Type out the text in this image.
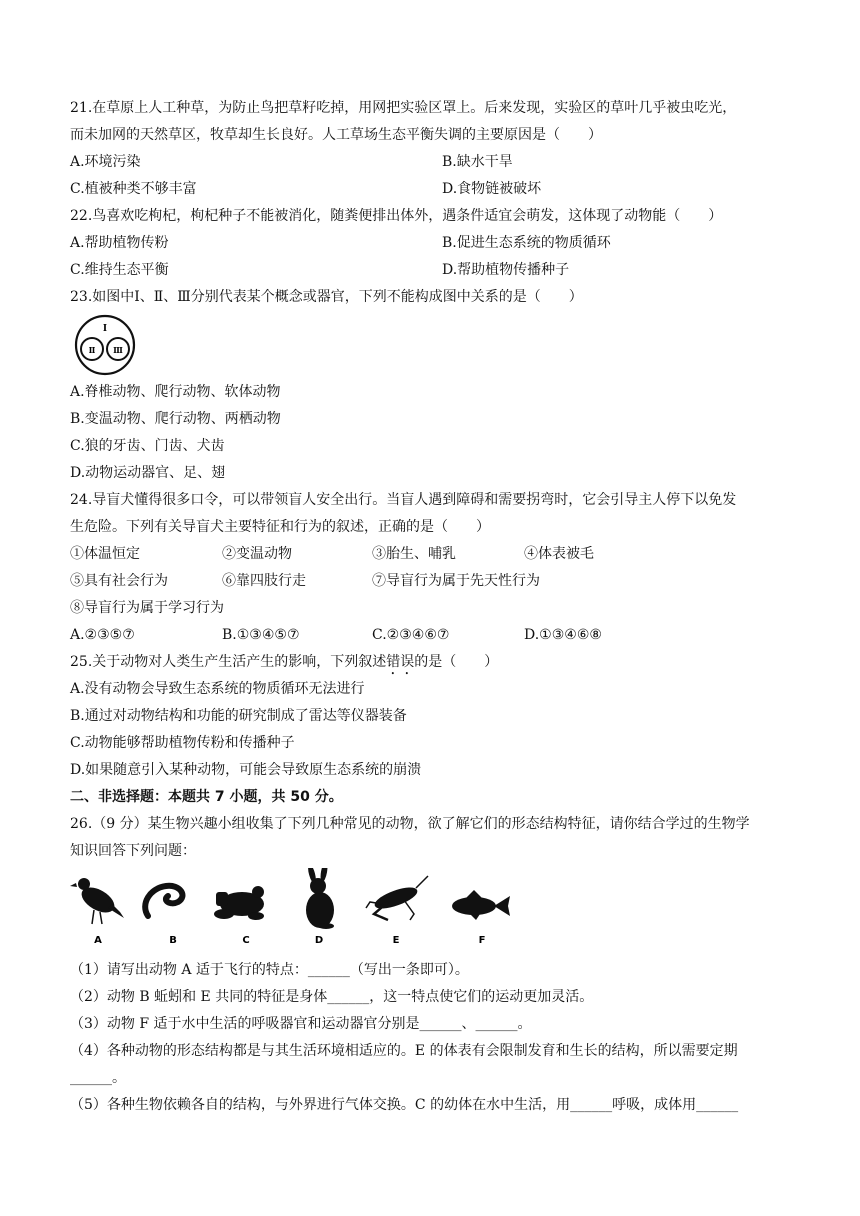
21.在草原上人工种草，为防止鸟把草籽吃掉，用网把实验区罩上。后来发现，实验区的草叶几乎被虫吃光，
而未加网的天然草区，牧草却生长良好。人工草场生态平衡失调的主要原因是（　　）
A.环境污染	B.缺水干旱
C.植被种类不够丰富	D.食物链被破坏
22.鸟喜欢吃枸杞，枸杞种子不能被消化，随粪便排出体外，遇条件适宜会萌发，这体现了动物能（　　）
A.帮助植物传粉	B.促进生态系统的物质循环
C.维持生态平衡	D.帮助植物传播种子
23.如图中Ⅰ、Ⅱ、Ⅲ分别代表某个概念或器官，下列不能构成图中关系的是（　　）
Ⅰ
Ⅱ Ⅲ
A.脊椎动物、爬行动物、软体动物
B.变温动物、爬行动物、两栖动物
C.狼的牙齿、门齿、犬齿
D.动物运动器官、足、翅
24.导盲犬懂得很多口令，可以带领盲人安全出行。当盲人遇到障碍和需要拐弯时，它会引导主人停下以免发
生危险。下列有关导盲犬主要特征和行为的叙述，正确的是（　　）
①体温恒定	②变温动物	③胎生、哺乳	④体表被毛
⑤具有社会行为	⑥靠四肢行走	⑦导盲行为属于先天性行为
⑧导盲行为属于学习行为
A.②③⑤⑦	B.①③④⑤⑦	C.②③④⑥⑦	D.①③④⑥⑧
25.关于动物对人类生产生活产生的影响，下列叙述错误的是（　　）
A.没有动物会导致生态系统的物质循环无法进行
B.通过对动物结构和功能的研究制成了雷达等仪器装备
C.动物能够帮助植物传粉和传播种子
D.如果随意引入某种动物，可能会导致原生态系统的崩溃
二、非选择题：本题共 7 小题，共 50 分。
26.（9 分）某生物兴趣小组收集了下列几种常见的动物，欲了解它们的形态结构特征，请你结合学过的生物学
知识回答下列问题：
A	B	C	D	E	F
（1）请写出动物 A 适于飞行的特点：______（写出一条即可）。
（2）动物 B 蚯蚓和 E 共同的特征是身体______，这一特点使它们的运动更加灵活。
（3）动物 F 适于水中生活的呼吸器官和运动器官分别是______、______。
（4）各种动物的形态结构都是与其生活环境相适应的。E 的体表有会限制发育和生长的结构，所以需要定期
______。
（5）各种生物依赖各自的结构，与外界进行气体交换。C 的幼体在水中生活，用______呼吸，成体用______
